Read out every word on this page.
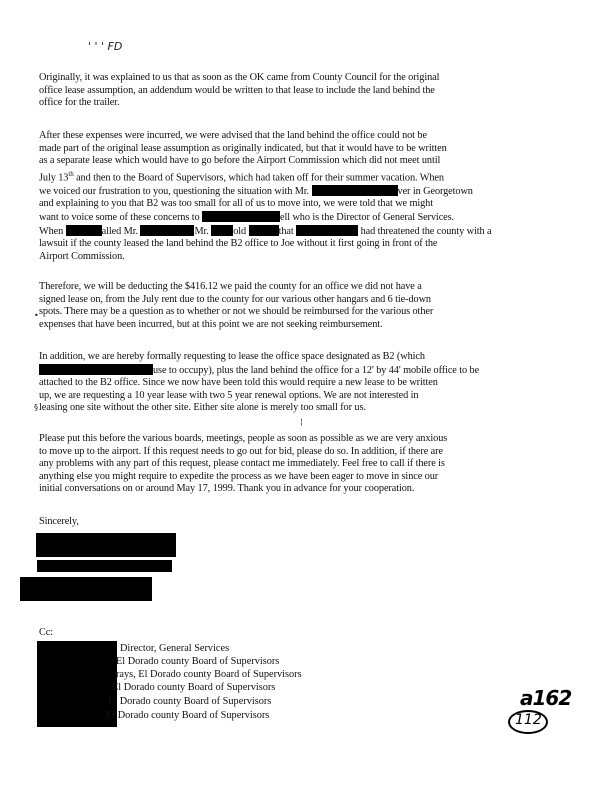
' ' ' FD
Originally, it was explained to us that as soon as the OK came from County Council for the original
office lease assumption, an addendum would be written to that lease to include the land behind the
office for the trailer.
After these expenses were incurred, we were advised that the land behind the office could not be
made part of the original lease assumption as originally indicated, but that it would have to be written
as a separate lease which would have to go before the Airport Commission which did not meet until
July 13th and then to the Board of Supervisors, which had taken off for their summer vacation. When
we voiced our frustration to you, questioning the situation with Mr.	ver in Georgetown
and explaining to you that B2 was too small for all of us to move into, we were told that we might
want to voice some of these concerns to	ell who is the Director of General Services.
When	alled Mr.	Mr. old	that	had threatened the county with a
lawsuit if the county leased the land behind the B2 office to Joe without it first going in front of the
Airport Commission.
Therefore, we will be deducting the $416.12 we paid the county for an office we did not have a
signed lease on, from the July rent due to the county for our various other hangars and 6 tie-down
spots. There may be a question as to whether or not we should be reimbursed for the various other
expenses that have been incurred, but at this point we are not seeking reimbursement.
In addition, we are hereby formally requesting to lease the office space designated as B2 (which
use to occupy), plus the land behind the office for a 12' by 44' mobile office to be
attached to the B2 office. Since we now have been told this would require a new lease to be written
up, we are requesting a 10 year lease with two 5 year renewal options. We are not interested in
leasing one site without the other site. Either site alone is merely too small for us.
Please put this before the various boards, meetings, people as soon as possible as we are very anxious
to move up to the airport. If this request needs to go out for bid, please do so. In addition, if there are
any problems with any part of this request, please contact me immediately. Feel free to call if there is
anything else you might require to expedite the process as we have been eager to move in since our
initial conversations on or around May 17, 1999. Thank you in advance for your cooperation.
Sincerely,
Cc:
Director, General Services
El Dorado county Board of Supervisors
rays, El Dorado county Board of Supervisors
El Dorado county Board of Supervisors
El Dorado county Board of Supervisors
El Dorado county Board of Supervisors
a162
112
•
§
¦
